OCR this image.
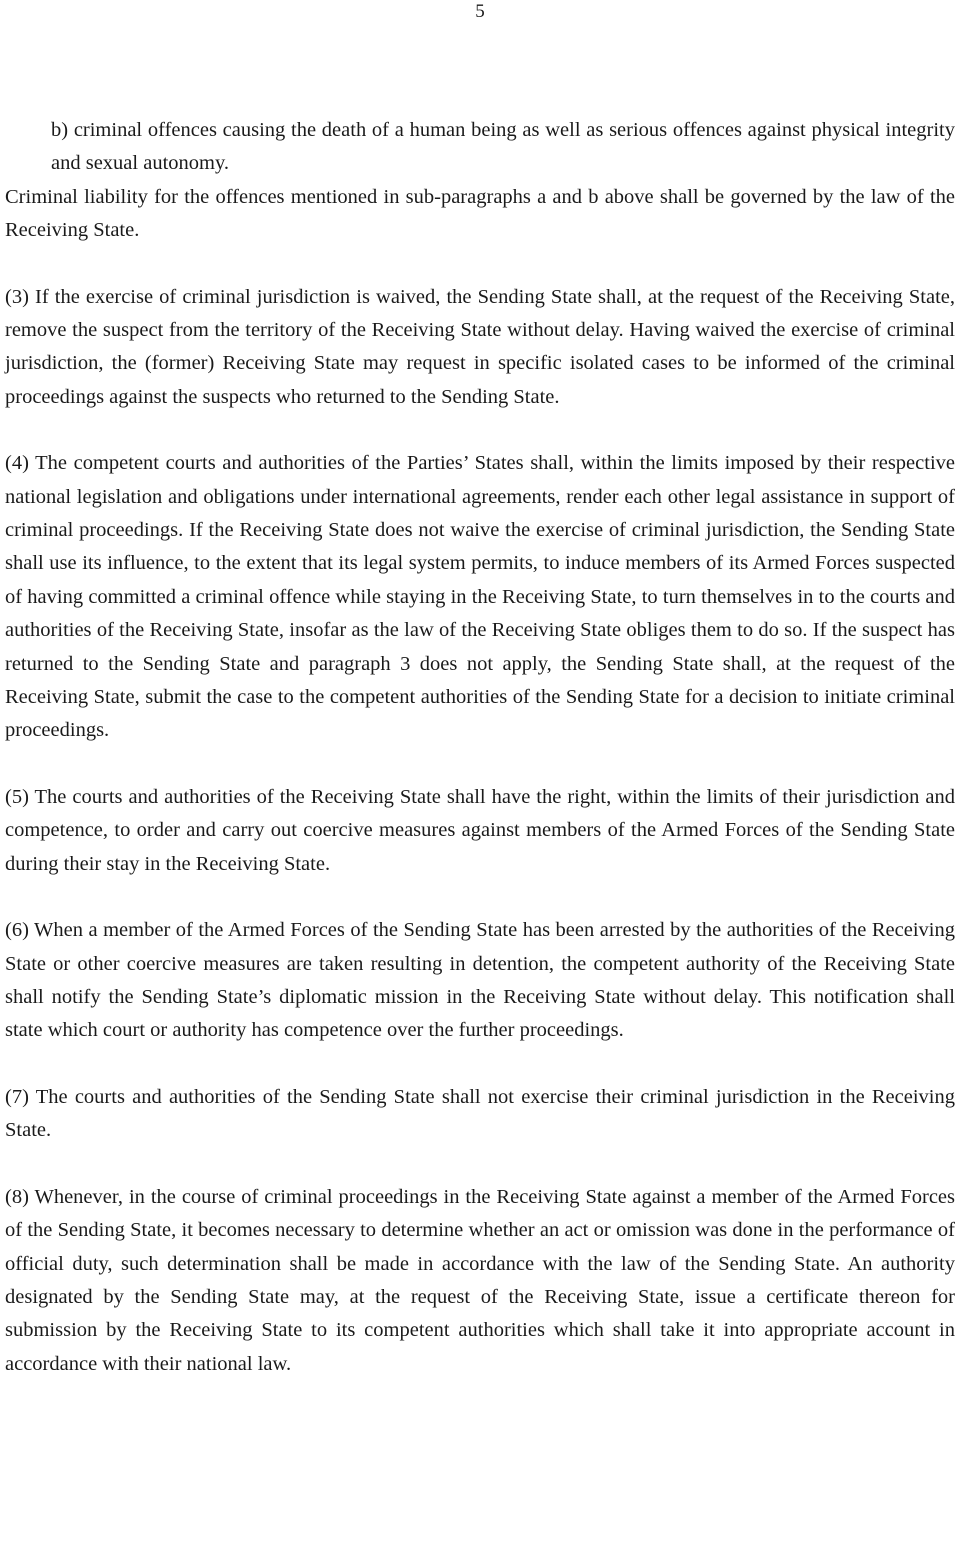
5

b) criminal offences causing the death of a human being as well as serious offences against physical integrity and sexual autonomy.

Criminal liability for the offences mentioned in sub-paragraphs a and b above shall be governed by the law of the Receiving State.

(3) If the exercise of criminal jurisdiction is waived, the Sending State shall, at the request of the Receiving State, remove the suspect from the territory of the Receiving State without delay. Having waived the exercise of criminal jurisdiction, the (former) Receiving State may request in specific isolated cases to be informed of the criminal proceedings against the suspects who returned to the Sending State.

(4) The competent courts and authorities of the Parties’ States shall, within the limits imposed by their respective national legislation and obligations under international agreements, render each other legal assistance in support of criminal proceedings. If the Receiving State does not waive the exercise of criminal jurisdiction, the Sending State shall use its influence, to the extent that its legal system permits, to induce members of its Armed Forces suspected of having committed a criminal offence while staying in the Receiving State, to turn themselves in to the courts and authorities of the Receiving State, insofar as the law of the Receiving State obliges them to do so. If the suspect has returned to the Sending State and paragraph 3 does not apply, the Sending State shall, at the request of the Receiving State, submit the case to the competent authorities of the Sending State for a decision to initiate criminal proceedings.

(5) The courts and authorities of the Receiving State shall have the right, within the limits of their jurisdiction and competence, to order and carry out coercive measures against members of the Armed Forces of the Sending State during their stay in the Receiving State.

(6) When a member of the Armed Forces of the Sending State has been arrested by the authorities of the Receiving State or other coercive measures are taken resulting in detention, the competent authority of the Receiving State shall notify the Sending State’s diplomatic mission in the Receiving State without delay. This notification shall state which court or authority has competence over the further proceedings.

(7) The courts and authorities of the Sending State shall not exercise their criminal jurisdiction in the Receiving State.

(8) Whenever, in the course of criminal proceedings in the Receiving State against a member of the Armed Forces of the Sending State, it becomes necessary to determine whether an act or omission was done in the performance of official duty, such determination shall be made in accordance with the law of the Sending State. An authority designated by the Sending State may, at the request of the Receiving State, issue a certificate thereon for submission by the Receiving State to its competent authorities which shall take it into appropriate account in accordance with their national law.
